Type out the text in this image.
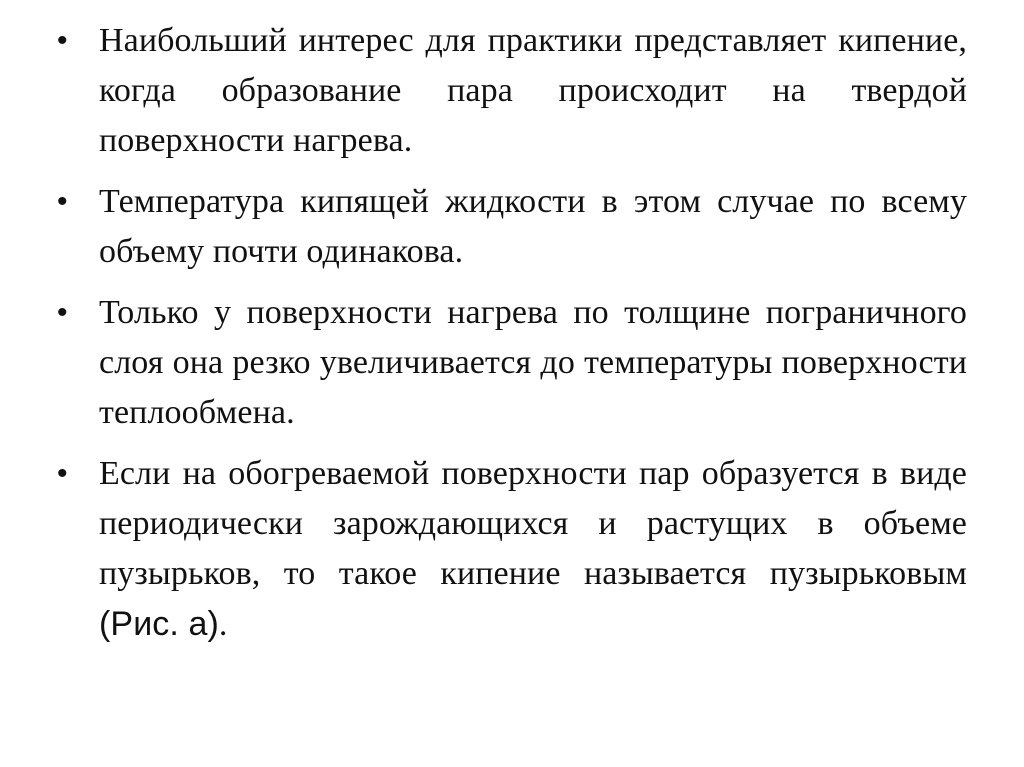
• Наибольший интерес для практики представляет кипение, когда образование пара происходит на твердой поверхности нагрева.
• Температура кипящей жидкости в этом случае по всему объему почти одинакова.
• Только у поверхности нагрева по толщине пограничного слоя она резко увеличивается до температуры поверхности теплообмена.
• Если на обогреваемой поверхности пар образуется в виде периодически зарождающихся и растущих в объеме пузырьков, то такое кипение называется пузырьковым (Рис. а).
